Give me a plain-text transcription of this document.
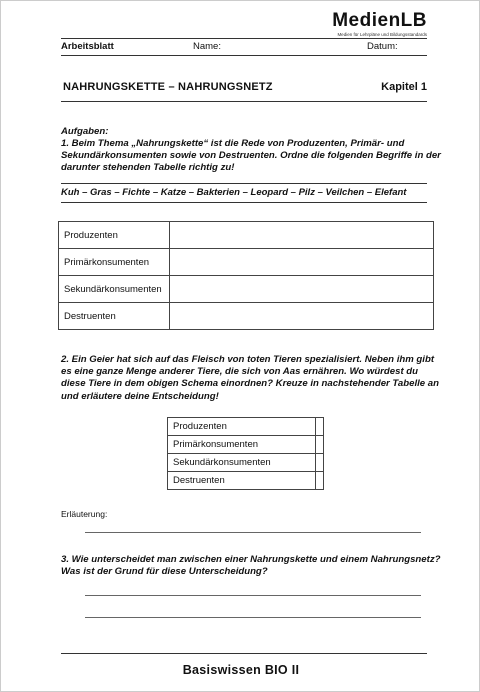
MedienLB
Medien für Lehrpläne und Bildungsstandards
Arbeitsblatt	Name:	Datum:
NAHRUNGSKETTE – NAHRUNGSNETZ	Kapitel 1
Aufgaben:
1. Beim Thema „Nahrungskette“ ist die Rede von Produzenten, Primär- und Sekundärkonsumenten sowie von Destruenten. Ordne die folgenden Begriffe in der darunter stehenden Tabelle richtig zu!
Kuh – Gras – Fichte – Katze – Bakterien – Leopard – Pilz – Veilchen – Elefant
Produzenten	
Primärkonsumenten	
Sekundärkonsumenten	
Destruenten	
2. Ein Geier hat sich auf das Fleisch von toten Tieren spezialisiert. Neben ihm gibt es eine ganze Menge anderer Tiere, die sich von Aas ernähren. Wo würdest du diese Tiere in dem obigen Schema einordnen? Kreuze in nachstehender Tabelle an und erläutere deine Entscheidung!
Produzenten	
Primärkonsumenten	
Sekundärkonsumenten	
Destruenten	
Erläuterung:
3. Wie unterscheidet man zwischen einer Nahrungskette und einem Nahrungsnetz? Was ist der Grund für diese Unterscheidung?
Basiswissen BIO II
